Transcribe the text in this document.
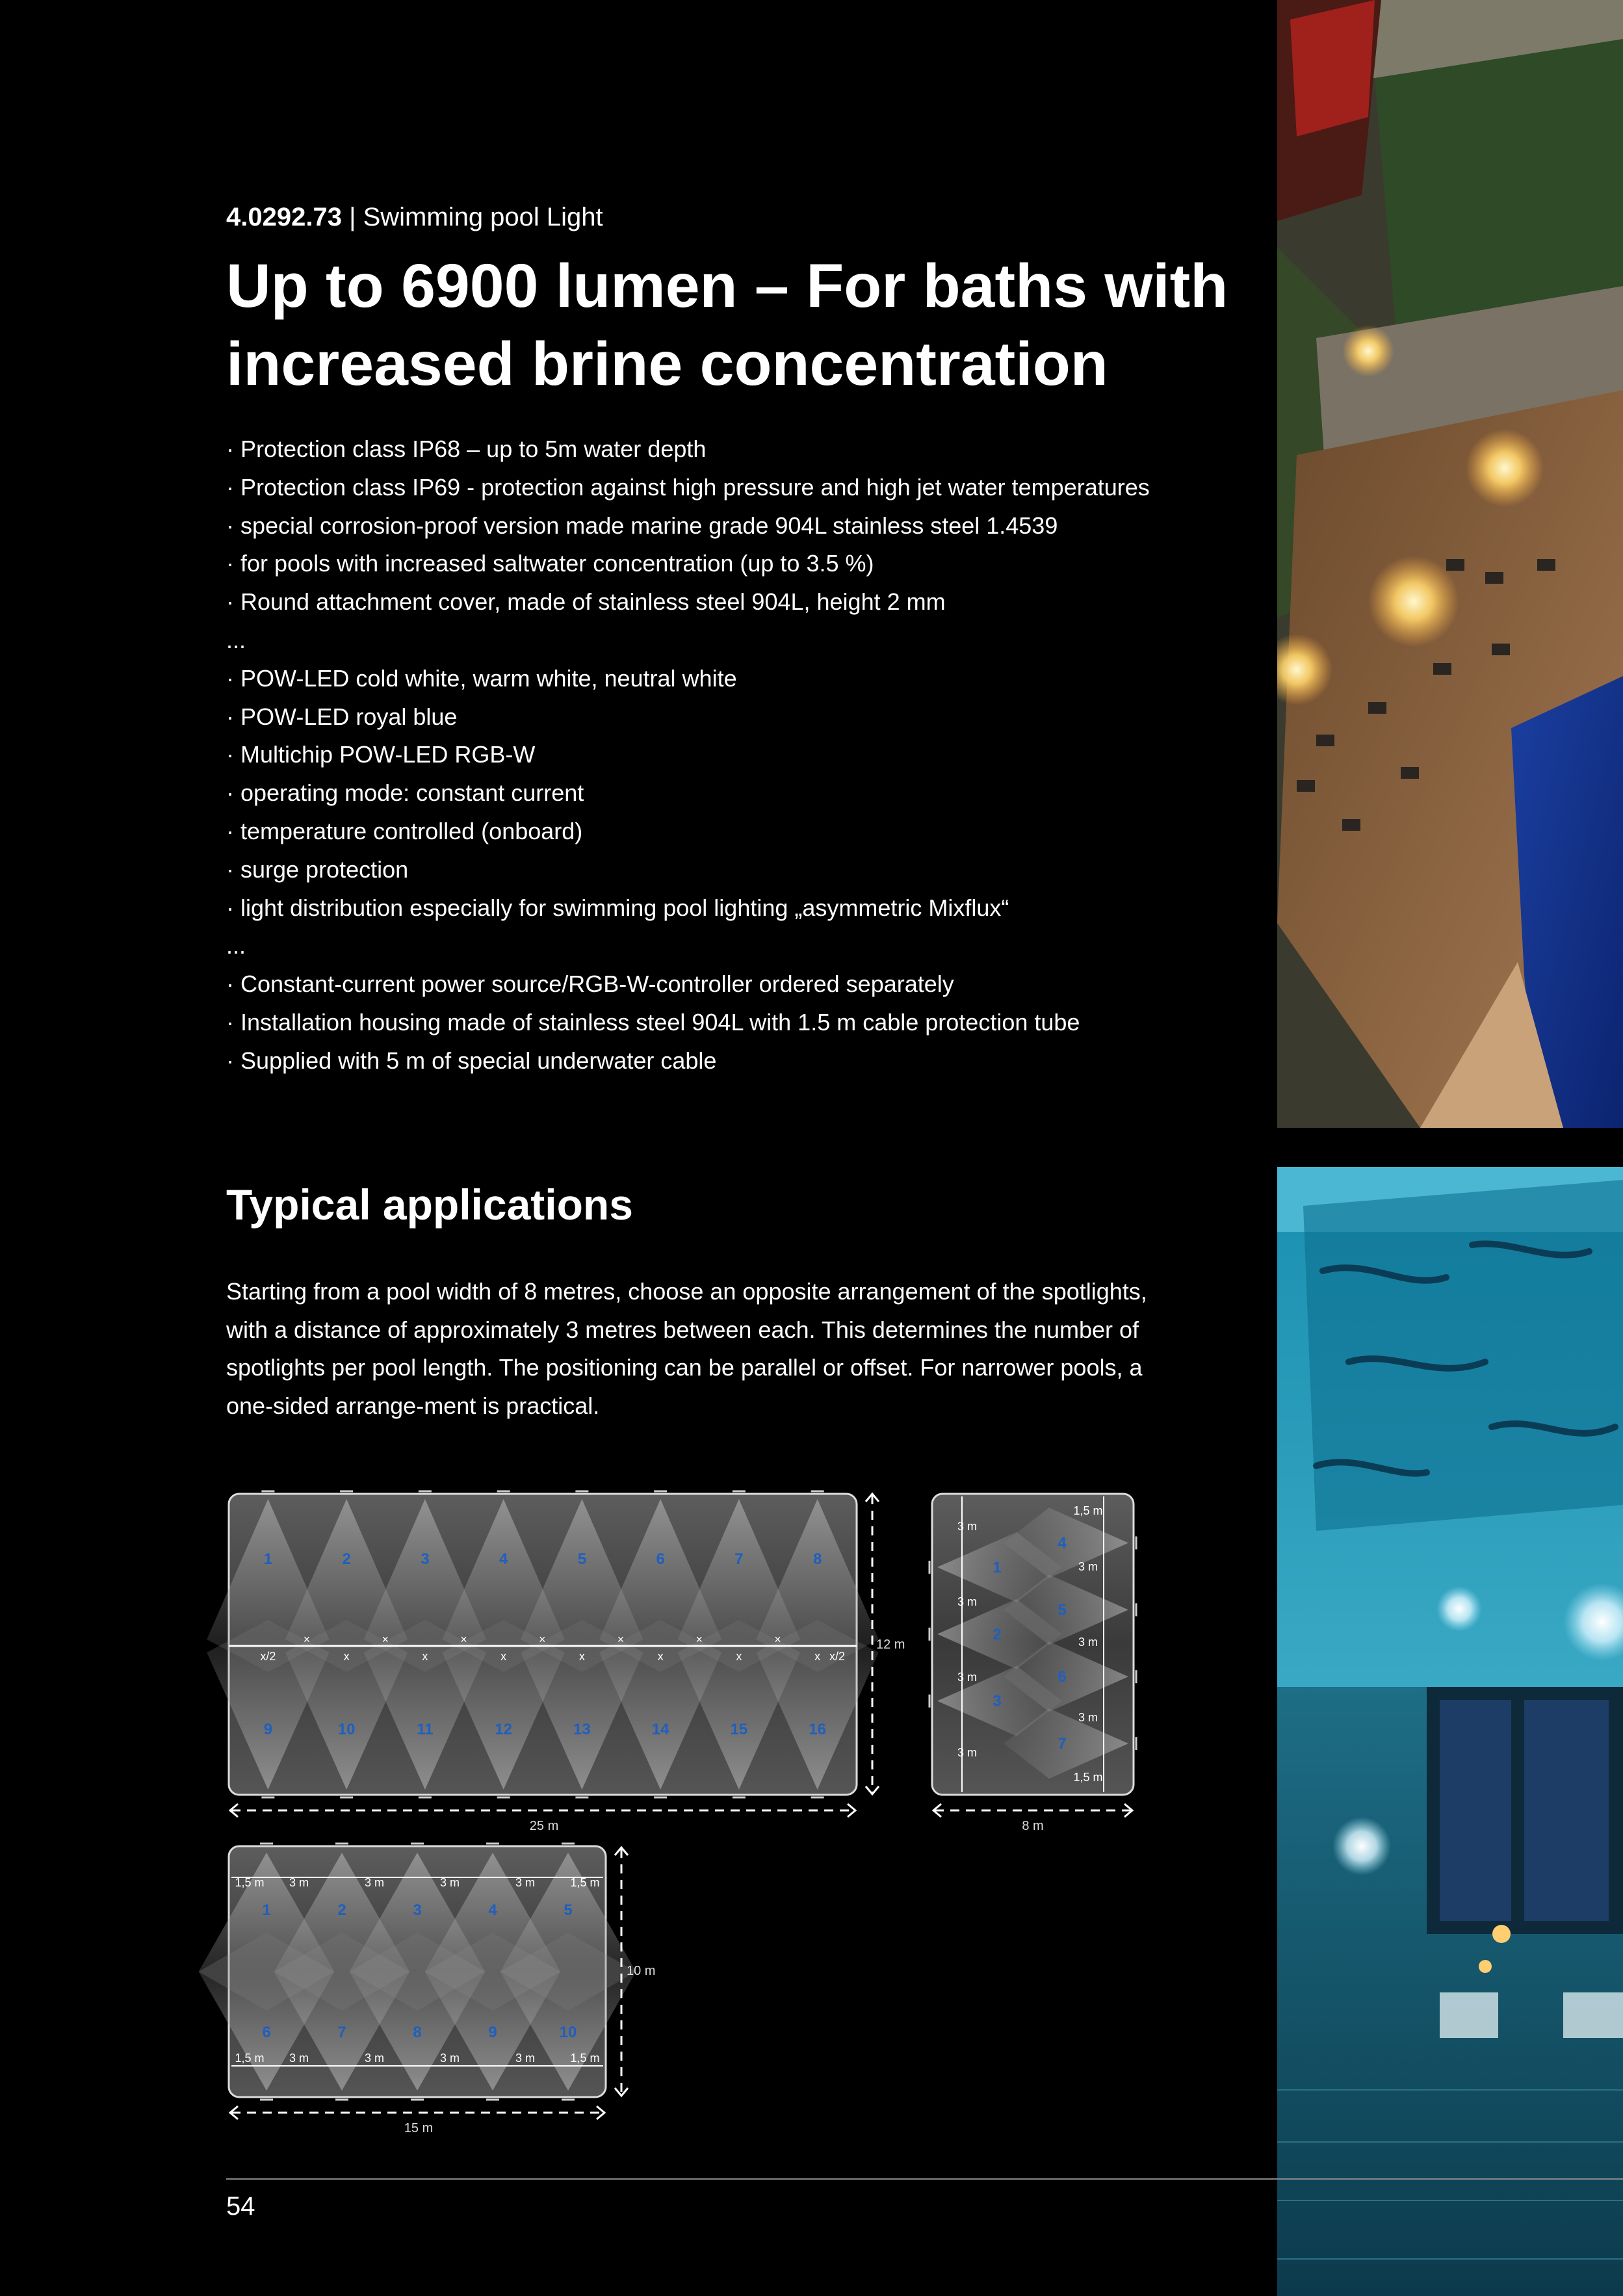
4.0292.73 | Swimming pool Light
Up to 6900 lumen – For baths with increased brine concentration
· Protection class IP68 – up to 5m water depth
· Protection class IP69 - protection against high pressure and high jet water temperatures
· special corrosion-proof version made marine grade 904L stainless steel 1.4539
· for pools with increased saltwater concentration (up to 3.5 %)
· Round attachment cover, made of stainless steel 904L, height 2 mm
...
· POW-LED cold white, warm white, neutral white
· POW-LED royal blue
· Multichip POW-LED RGB-W
· operating mode: constant current
· temperature controlled (onboard)
· surge protection
· light distribution especially for swimming pool lighting „asymmetric Mixflux“
...
· Constant-current power source/RGB-W-controller ordered separately
· Installation housing made of stainless steel 904L with 1.5 m cable protection tube
· Supplied with 5 m of special underwater cable
Typical applications
Starting from a pool width of 8 metres, choose an opposite arrangement of the spotlights, with a distance of approximately 3 metres between each. This determines the number of spotlights per pool length. The positioning can be parallel or offset. For narrower pools, a one-sided arrange-ment is practical.
1
9
2
10
3
11
4
12
5
13
6
14
7
15
8
16
x/2
×
x
×
x
×
x
×
x
×
x
×
x
×
x x/2
25 m
12 m
1
2
3
4
5
6
7
3 m
3 m
3 m
3 m
1,5 m
3 m
3 m
3 m
1,5 m
8 m
1
6
2
7
3
8
4
9
5
10
1,5 m
1,5 m
3 m
3 m
3 m
3 m
3 m
3 m
3 m
3 m
1,5 m
1,5 m
15 m
10 m
54
